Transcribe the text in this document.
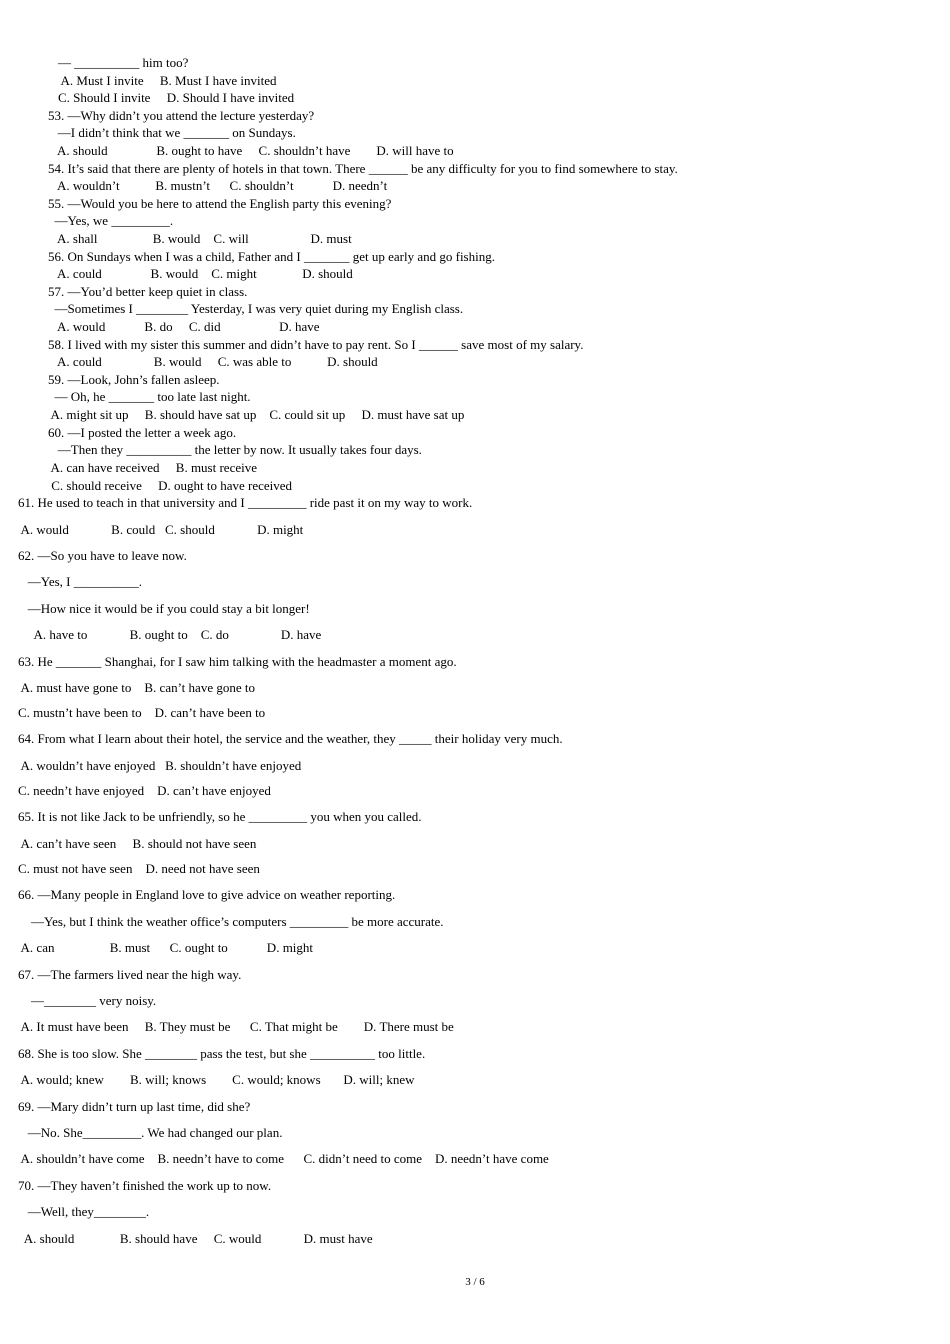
— __________ him too?
A. Must I invite     B. Must I have invited
C. Should I invite     D. Should I have invited
53. —Why didn’t you attend the lecture yesterday?
—I didn’t think that we _______ on Sundays.
A. should               B. ought to have     C. shouldn’t have        D. will have to
54. It’s said that there are plenty of hotels in that town. There ______ be any difficulty for you to find somewhere to stay.
A. wouldn’t           B. mustn’t      C. shouldn’t            D. needn’t
55. —Would you be here to attend the English party this evening?
—Yes, we _________.
A. shall                 B. would    C. will                   D. must
56. On Sundays when I was a child, Father and I _______ get up early and go fishing.
A. could               B. would    C. might              D. should
57. —You’d better keep quiet in class.
—Sometimes I ________ Yesterday, I was very quiet during my English class.
A. would            B. do     C. did                  D. have
58. I lived with my sister this summer and didn’t have to pay rent. So I ______ save most of my salary.
A. could                B. would     C. was able to           D. should
59. —Look, John’s fallen asleep.
— Oh, he _______ too late last night.
A. might sit up     B. should have sat up    C. could sit up     D. must have sat up
60. —I posted the letter a week ago.
—Then they __________ the letter by now. It usually takes four days.
A. can have received     B. must receive
C. should receive     D. ought to have received
61. He used to teach in that university and I _________ ride past it on my way to work.
A. would             B. could   C. should             D. might
62. —So you have to leave now.
—Yes, I __________.
—How nice it would be if you could stay a bit longer!
A. have to             B. ought to    C. do                D. have
63. He _______ Shanghai, for I saw him talking with the headmaster a moment ago.
A. must have gone to    B. can’t have gone to
C. mustn’t have been to    D. can’t have been to
64. From what I learn about their hotel, the service and the weather, they _____ their holiday very much.
A. wouldn’t have enjoyed   B. shouldn’t have enjoyed
C. needn’t have enjoyed    D. can’t have enjoyed
65. It is not like Jack to be unfriendly, so he _________ you when you called.
A. can’t have seen     B. should not have seen
C. must not have seen    D. need not have seen
66. —Many people in England love to give advice on weather reporting.
—Yes, but I think the weather office’s computers _________ be more accurate.
A. can                 B. must      C. ought to            D. might
67. —The farmers lived near the high way.
—________ very noisy.
A. It must have been     B. They must be      C. That might be        D. There must be
68. She is too slow. She ________ pass the test, but she __________ too little.
A. would; knew        B. will; knows        C. would; knows       D. will; knew
69. —Mary didn’t turn up last time, did she?
—No. She_________. We had changed our plan.
A. shouldn’t have come    B. needn’t have to come      C. didn’t need to come    D. needn’t have come
70. —They haven’t finished the work up to now.
—Well, they________.
A. should              B. should have     C. would             D. must have
3 / 6
